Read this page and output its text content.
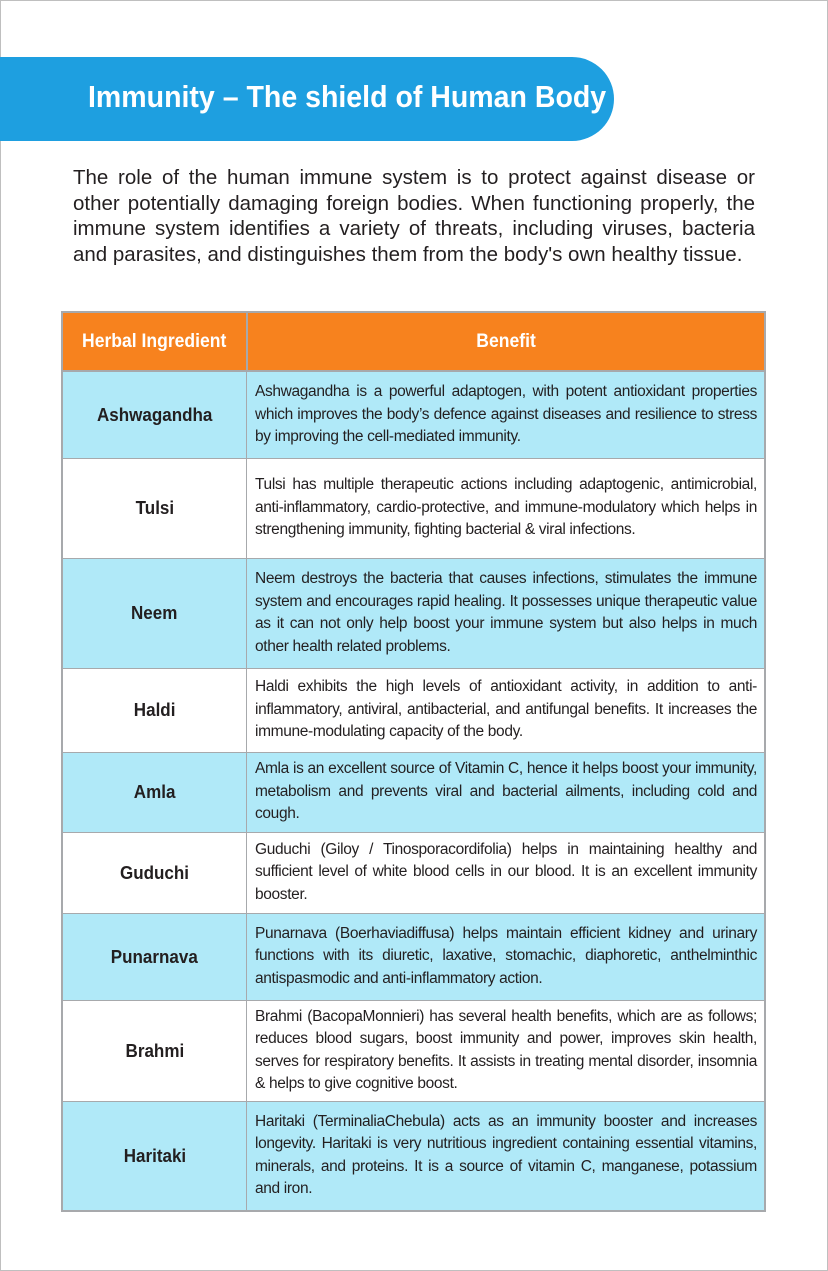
Immunity – The shield of Human Body

The role of the human immune system is to protect against disease or other potentially damaging foreign bodies. When functioning properly, the immune system identifies a variety of threats, including viruses, bacteria and parasites, and distinguishes them from the body's own healthy tissue.

Herbal Ingredient	Benefit
Ashwagandha	Ashwagandha is a powerful adaptogen, with potent antioxidant properties which improves the body’s defence against diseases and resilience to stress by improving the cell-mediated immunity.
Tulsi	Tulsi has multiple therapeutic actions including adaptogenic, antimicrobial, anti-inflammatory, cardio-protective, and immune-modulatory which helps in strengthening immunity, fighting bacterial & viral infections.
Neem	Neem destroys the bacteria that causes infections, stimulates the immune system and encourages rapid healing. It possesses unique therapeutic value as it can not only help boost your immune system but also helps in much other health related problems.
Haldi	Haldi exhibits the high levels of antioxidant activity, in addition to anti-inflammatory, antiviral, antibacterial, and antifungal benefits. It increases the immune-modulating capacity of the body.
Amla	Amla is an excellent source of Vitamin C, hence it helps boost your immunity, metabolism and prevents viral and bacterial ailments, including cold and cough.
Guduchi	Guduchi (Giloy / Tinosporacordifolia) helps in maintaining healthy and sufficient level of white blood cells in our blood. It is an excellent immunity booster.
Punarnava	Punarnava (Boerhaviadiffusa) helps maintain efficient kidney and urinary functions with its diuretic, laxative, stomachic, diaphoretic, anthelminthic antispasmodic and anti-inflammatory action.
Brahmi	Brahmi (BacopaMonnieri) has several health benefits, which are as follows; reduces blood sugars, boost immunity and power, improves skin health, serves for respiratory benefits. It assists in treating mental disorder, insomnia & helps to give cognitive boost.
Haritaki	Haritaki (TerminaliaChebula) acts as an immunity booster and increases longevity. Haritaki is very nutritious ingredient containing essential vitamins, minerals, and proteins. It is a source of vitamin C, manganese, potassium and iron.
